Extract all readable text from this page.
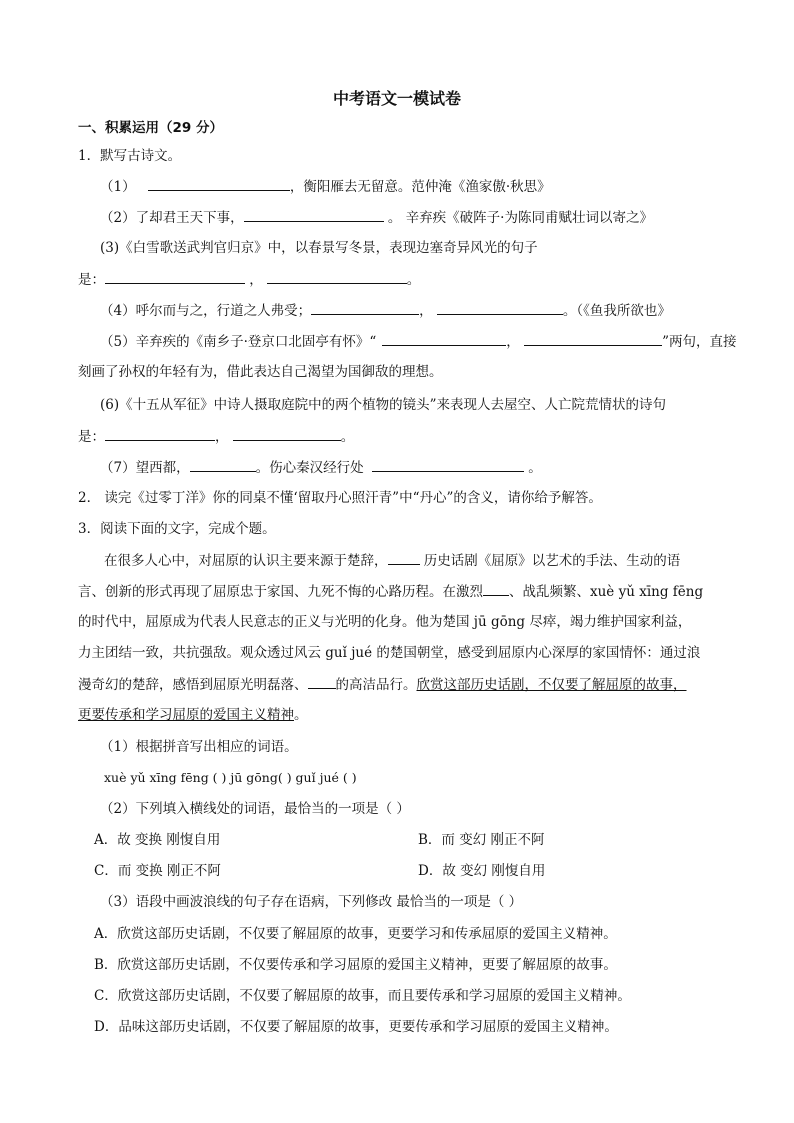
中考语文一模试卷
一、积累运用（29 分）
1．默写古诗文。
（1）	，衡阳雁去无留意。范仲淹《渔家傲·秋思》
（2）了却君王天下事，	。 辛弃疾《破阵子·为陈同甫赋壮词以寄之》
(3)《白雪歌送武判官归京》中，以春景写冬景，表现边塞奇异风光的句子
是：	，	。
（4）呼尔而与之，行道之人弗受；	，	。（《鱼我所欲也》
（5）辛弃疾的《南乡子·登京口北固亭有怀》“	，	”两句，直接
刻画了孙权的年轻有为，借此表达自己渴望为国御敌的理想。
(6)《十五从军征》中诗人摄取庭院中的两个植物的镜头”来表现人去屋空、人亡院荒情状的诗句
是：	，	。
（7）望西都，	。伤心秦汉经行处	。
2． 读完《过零丁洋》你的同桌不懂‘留取丹心照汗青”中“丹心”的含义，请你给予解答。
3．阅读下面的文字，完成个题。
在很多人心中，对屈原的认识主要来源于楚辞， 历史话剧《屈原》以艺术的手法、生动的语
言、创新的形式再现了屈原忠于家国、九死不悔的心路历程。在激烈 、战乱频繁、xuè yǔ xīng fēng
的时代中，屈原成为代表人民意志的正义与光明的化身。他为楚国 jū gōng 尽瘁，竭力维护国家利益，
力主团结一致，共抗强敌。观众透过风云 guǐ jué 的楚国朝堂，感受到屈原内心深厚的家国情怀：通过浪
漫奇幻的楚辞，感悟到屈原光明磊落、 的高洁品行。欣赏这部历史话剧，不仅要了解屈原的故事，
更要传承和学习屈原的爱国主义精神。
（1）根据拼音写出相应的词语。
xuè yǔ xīng fēng ( ) jū gōng( ) guǐ jué ( )
（2）下列填入横线处的词语，最恰当的一项是（ ）
A．故 变换 刚愎自用	B．而 变幻 刚正不阿
C．而 变换 刚正不阿	D．故 变幻 刚愎自用
（3）语段中画波浪线的句子存在语病，下列修改 最恰当的一项是（ ）
A．欣赏这部历史话剧，不仅要了解屈原的故事，更要学习和传承屈原的爱国主义精神。
B．欣赏这部历史话剧，不仅要传承和学习屈原的爱国主义精神，更要了解屈原的故事。
C．欣赏这部历史话剧，不仅要了解屈原的故事，而且要传承和学习屈原的爱国主义精神。
D．品味这部历史话剧，不仅要了解屈原的故事，更要传承和学习屈原的爱国主义精神。
